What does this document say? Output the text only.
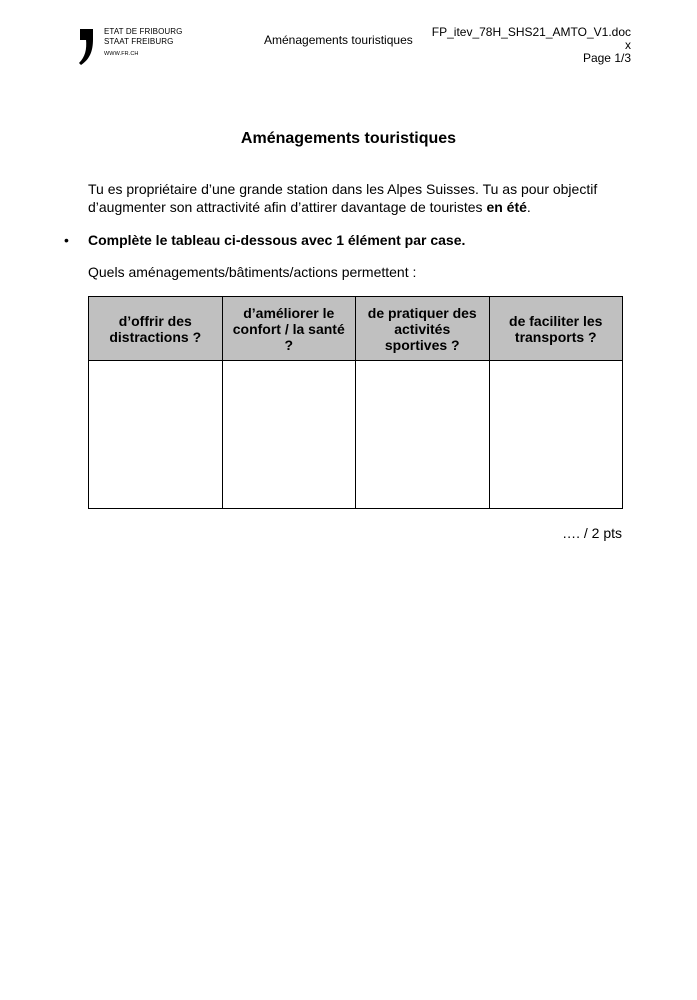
ETAT DE FRIBOURG
STAAT FREIBURG
WWW.FR.CH
Aménagements touristiques
FP_itev_78H_SHS21_AMTO_V1.doc
x
Page 1/3
Aménagements touristiques
Tu es propriétaire d’une grande station dans les Alpes Suisses. Tu as pour objectif
d’augmenter son attractivité afin d’attirer davantage de touristes en été.
• Complète le tableau ci-dessous avec 1 élément par case.
Quels aménagements/bâtiments/actions permettent :
d’offrir des distractions ?	d’améliorer le confort / la santé ?	de pratiquer des activités sportives ?	de faciliter les transports ?

…. / 2 pts
